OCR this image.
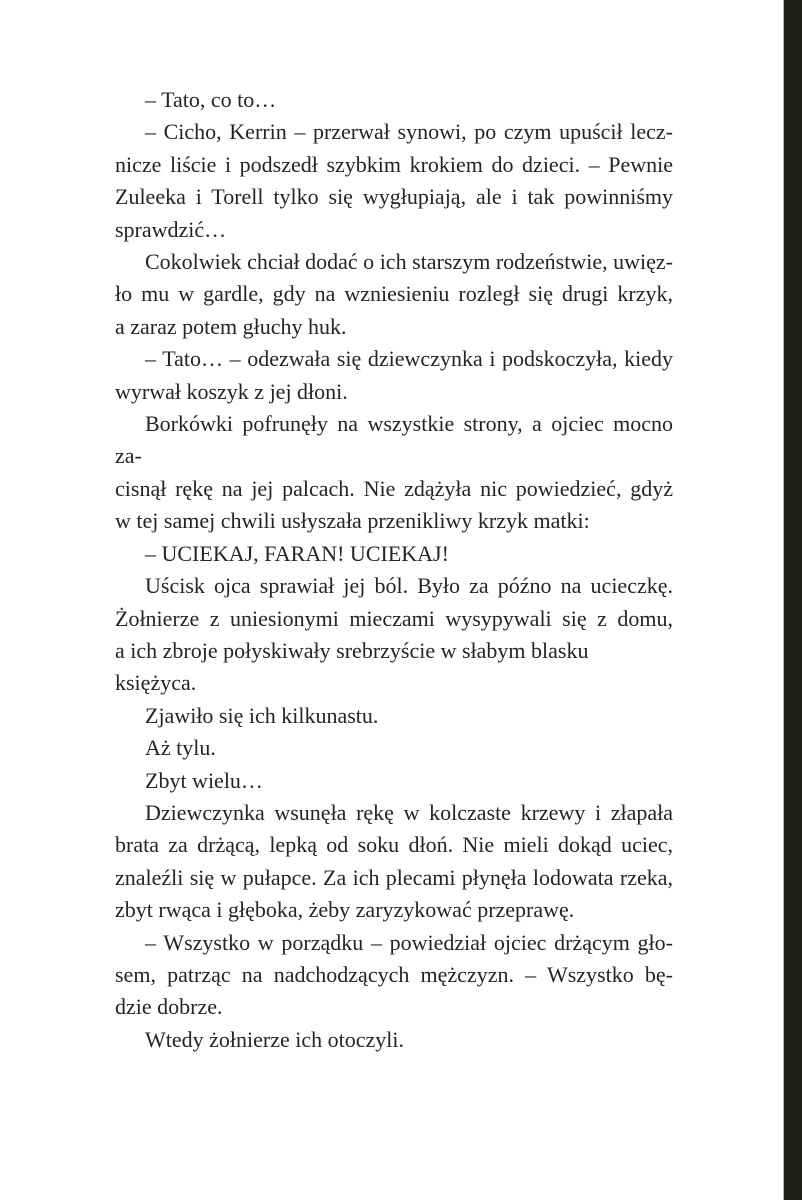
– Tato, co to…
– Cicho, Kerrin – przerwał synowi, po czym upuścił lecz-
nicze liście i podszedł szybkim krokiem do dzieci. – Pewnie
Zuleeka i Torell tylko się wygłupiają, ale i tak powinniśmy
sprawdzić…
Cokolwiek chciał dodać o ich starszym rodzeństwie, uwięz-
ło mu w gardle, gdy na wzniesieniu rozległ się drugi krzyk,
a zaraz potem głuchy huk.
– Tato… – odezwała się dziewczynka i podskoczyła, kiedy
wyrwał koszyk z jej dłoni.
Borkówki pofrunęły na wszystkie strony, a ojciec mocno za-
cisnął rękę na jej palcach. Nie zdążyła nic powiedzieć, gdyż
w tej samej chwili usłyszała przenikliwy krzyk matki:
– UCIEKAJ, FARAN! UCIEKAJ!
Uścisk ojca sprawiał jej ból. Było za późno na ucieczkę.
Żołnierze z uniesionymi mieczami wysypywali się z domu,
a ich zbroje połyskiwały srebrzyście w słabym blasku księżyca.
Zjawiło się ich kilkunastu.
Aż tylu.
Zbyt wielu…
Dziewczynka wsunęła rękę w kolczaste krzewy i złapała
brata za drżącą, lepką od soku dłoń. Nie mieli dokąd uciec,
znaleźli się w pułapce. Za ich plecami płynęła lodowata rzeka,
zbyt rwąca i głęboka, żeby zaryzykować przeprawę.
– Wszystko w porządku – powiedział ojciec drżącym gło-
sem, patrząc na nadchodzących mężczyzn. – Wszystko bę-
dzie dobrze.
Wtedy żołnierze ich otoczyli.
